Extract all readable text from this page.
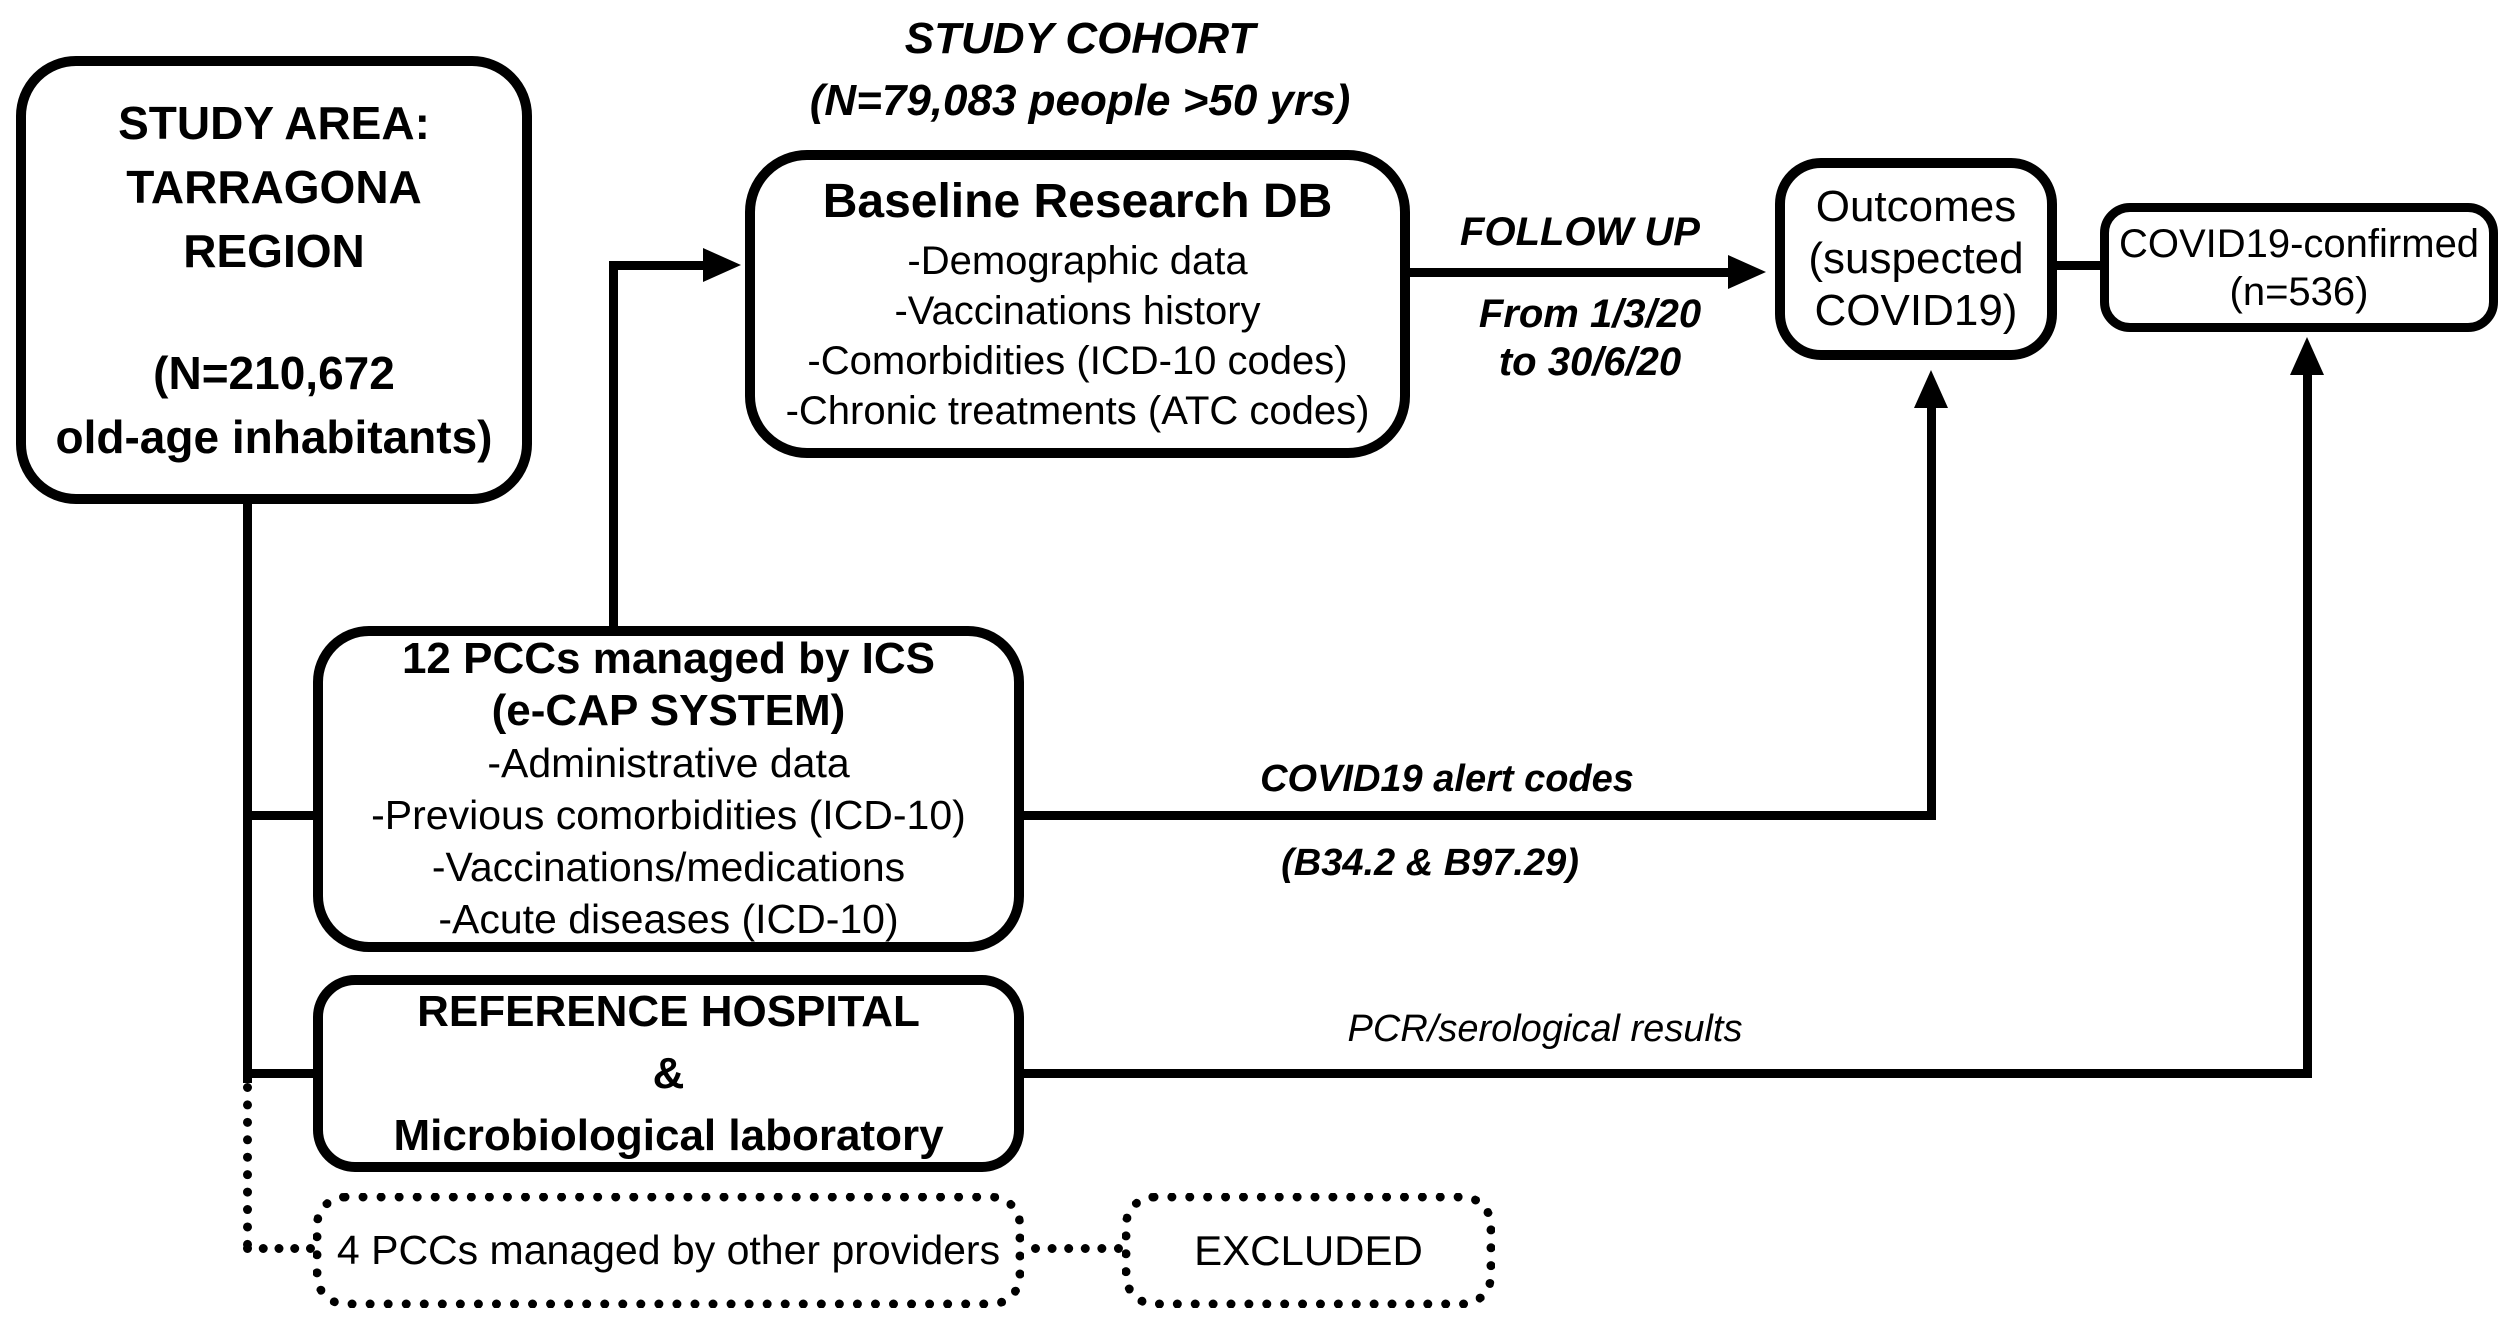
STUDY AREA:
TARRAGONA
REGION
(N=210,672
old-age inhabitants)
STUDY COHORT
(N=79,083 people >50 yrs)
Baseline Research DB
-Demographic data
-Vaccinations history
-Comorbidities (ICD-10 codes)
-Chronic treatments (ATC codes)
Outcomes
(suspected
COVID19)
COVID19-confirmed
(n=536)
12 PCCs managed by ICS
(e-CAP SYSTEM)
-Administrative data
-Previous comorbidities (ICD-10)
-Vaccinations/medications
-Acute diseases (ICD-10)
REFERENCE HOSPITAL
&
Microbiological laboratory
4 PCCs managed by other providers	EXCLUDED
FOLLOW UP
From 1/3/20
to 30/6/20
COVID19 alert codes
(B34.2 & B97.29)
PCR/serological results
